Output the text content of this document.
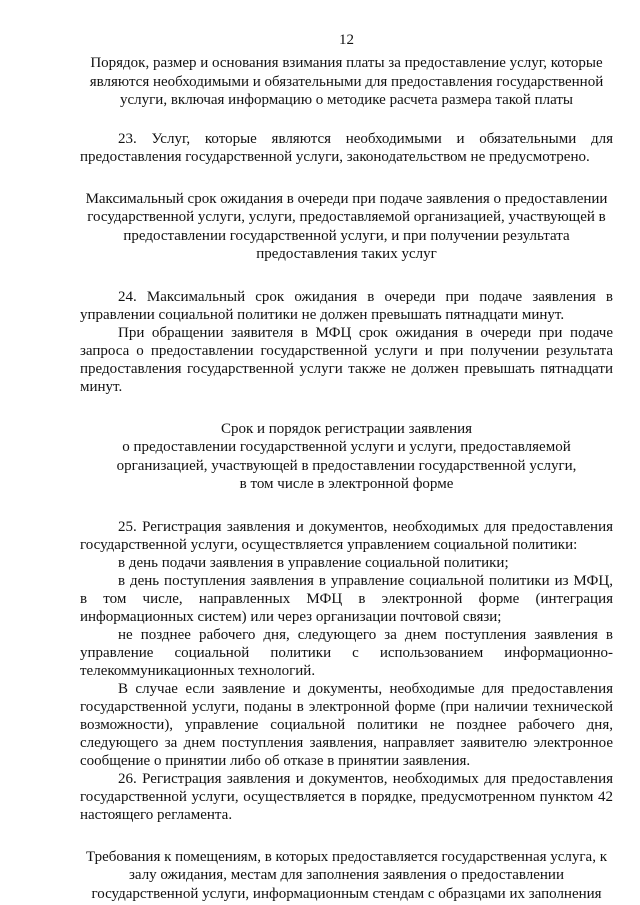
12

Порядок, размер и основания взимания платы за предоставление услуг, которые являются необходимыми и обязательными для предоставления государственной услуги, включая информацию о методике расчета размера такой платы

23. Услуг, которые являются необходимыми и обязательными для предоставления государственной услуги, законодательством не предусмотрено.

Максимальный срок ожидания в очереди при подаче заявления о предоставлении государственной услуги, услуги, предоставляемой организацией, участвующей в предоставлении государственной услуги, и при получении результата предоставления таких услуг

24. Максимальный срок ожидания в очереди при подаче заявления в управлении социальной политики не должен превышать пятнадцати минут.

При обращении заявителя в МФЦ срок ожидания в очереди при подаче запроса о предоставлении государственной услуги и при получении результата предоставления государственной услуги также не должен превышать пятнадцати минут.

Срок и порядок регистрации заявления

о предоставлении государственной услуги и услуги, предоставляемой организацией, участвующей в предоставлении государственной услуги,

в том числе в электронной форме

25. Регистрация заявления и документов, необходимых для предоставления государственной услуги, осуществляется управлением социальной политики:

в день подачи заявления в управление социальной политики;

в день поступления заявления в управление социальной политики из МФЦ, в том числе, направленных МФЦ в электронной форме (интеграция информационных систем) или через организации почтовой связи;

не позднее рабочего дня, следующего за днем поступления заявления в управление социальной политики с использованием информационно-телекоммуникационных технологий.

В случае если заявление и документы, необходимые для предоставления государственной услуги, поданы в электронной форме (при наличии технической возможности), управление социальной политики не позднее рабочего дня, следующего за днем поступления заявления, направляет заявителю электронное сообщение о принятии либо об отказе в принятии заявления.

26. Регистрация заявления и документов, необходимых для предоставления государственной услуги, осуществляется в порядке, предусмотренном пунктом 42 настоящего регламента.

Требования к помещениям, в которых предоставляется государственная услуга, к залу ожидания, местам для заполнения заявления о предоставлении государственной услуги, информационным стендам с образцами их заполнения
